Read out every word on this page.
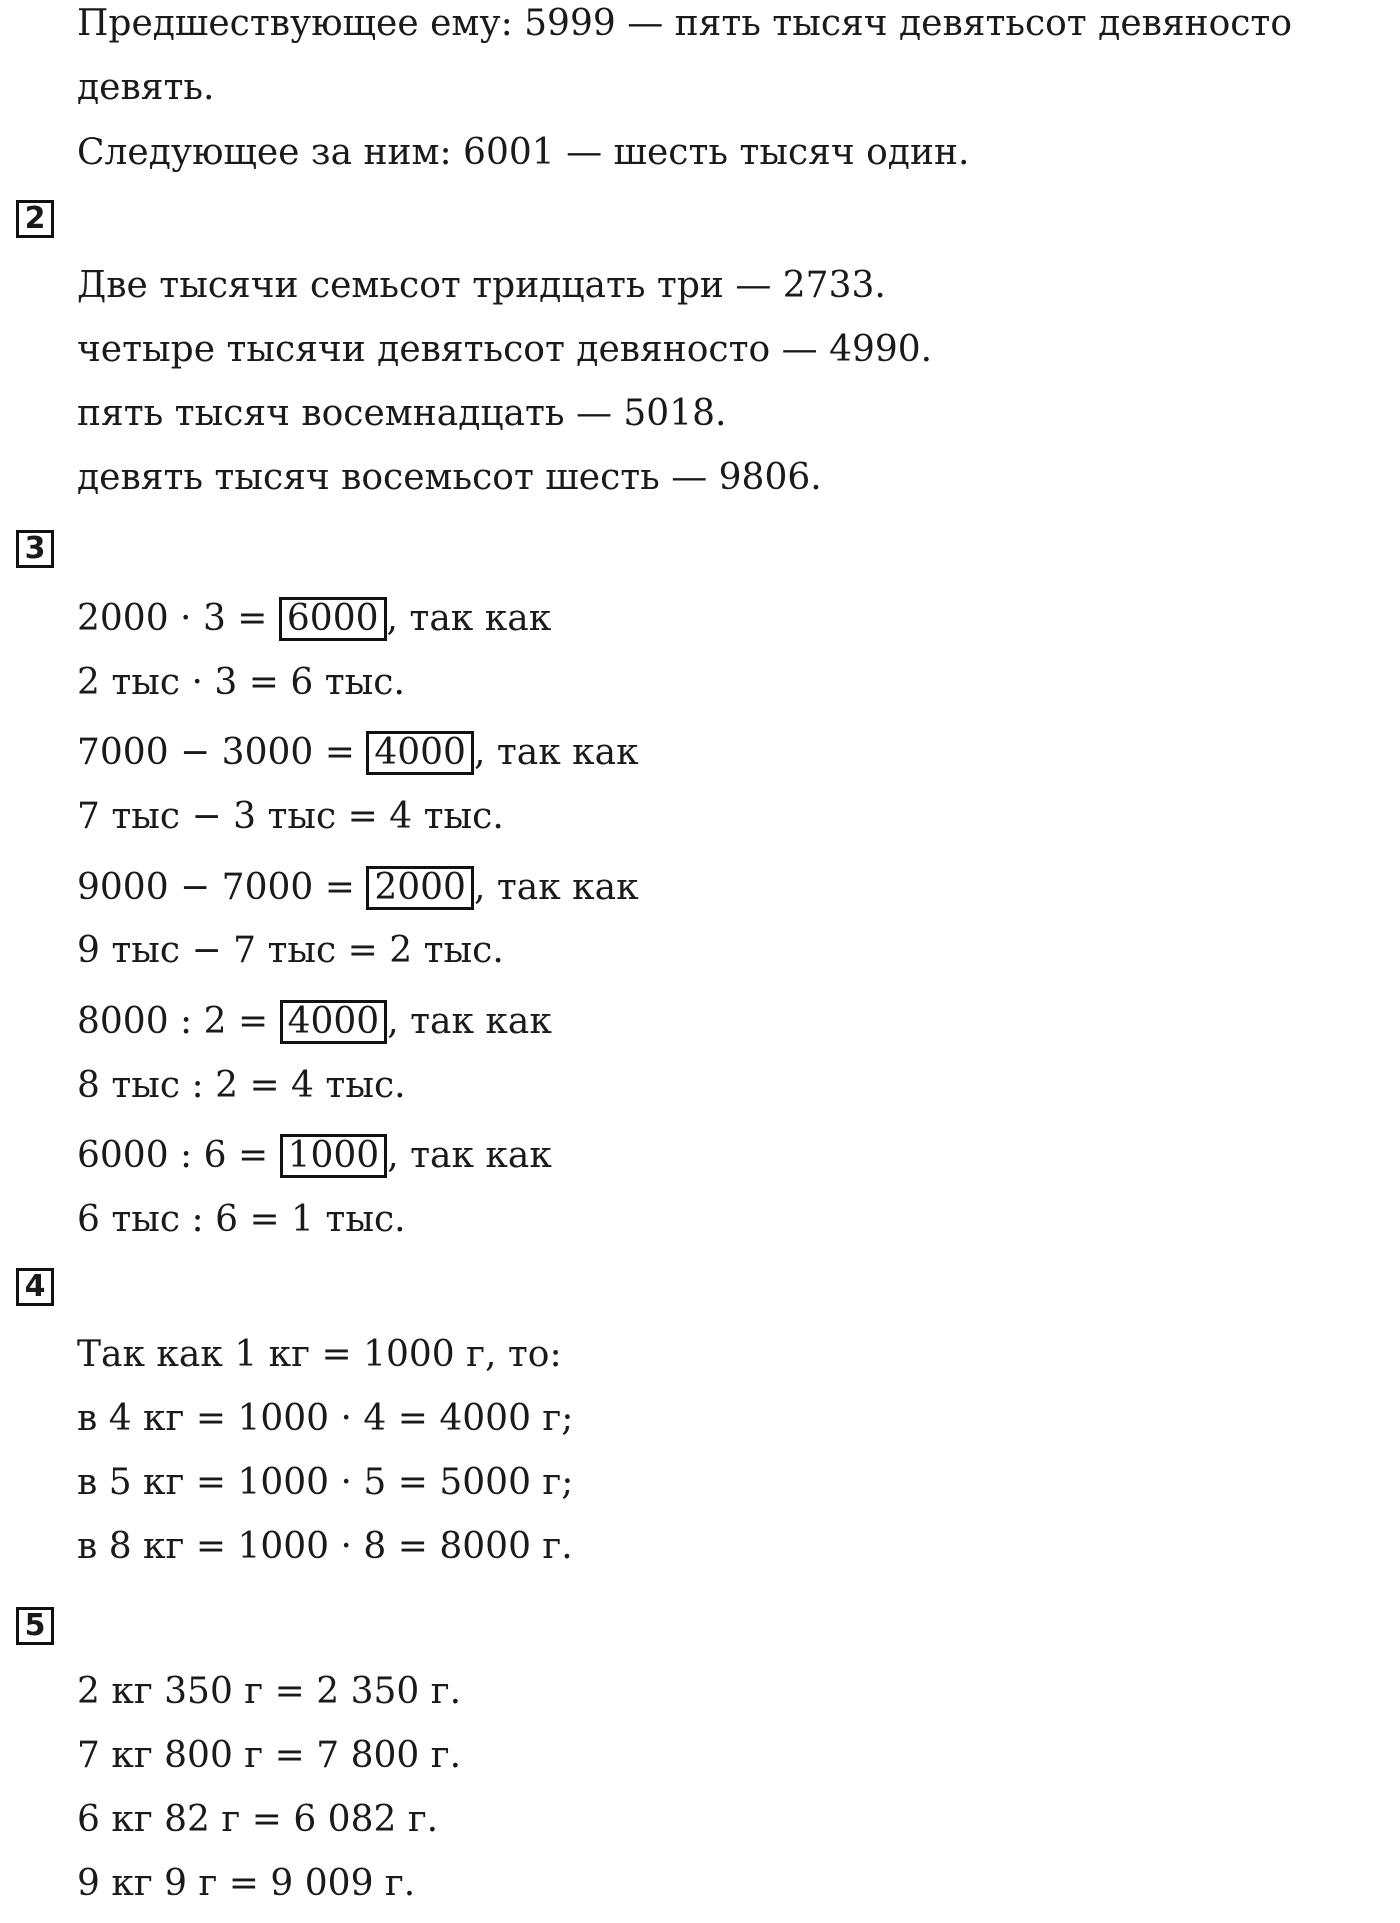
Предшествующее ему: 5999 — пять тысяч девятьсот девяносто
девять.
Следующее за ним: 6001 — шесть тысяч один.
2
Две тысячи семьсот тридцать три — 2733.
четыре тысячи девятьсот девяносто — 4990.
пять тысяч восемнадцать — 5018.
девять тысяч восемьсот шесть — 9806.
3
2000 · 3 = 6000 , так как
2 тыс · 3 = 6 тыс.
7000 − 3000 = 4000 , так как
7 тыс − 3 тыс = 4 тыс.
9000 − 7000 = 2000 , так как
9 тыс − 7 тыс = 2 тыс.
8000 : 2 = 4000 , так как
8 тыс : 2 = 4 тыс.
6000 : 6 = 1000 , так как
6 тыс : 6 = 1 тыс.
4
Так как 1 кг = 1000 г, то:
в 4 кг = 1000 · 4 = 4000 г;
в 5 кг = 1000 · 5 = 5000 г;
в 8 кг = 1000 · 8 = 8000 г.
5
2 кг 350 г = 2 350 г.
7 кг 800 г = 7 800 г.
6 кг 82 г = 6 082 г.
9 кг 9 г = 9 009 г.
